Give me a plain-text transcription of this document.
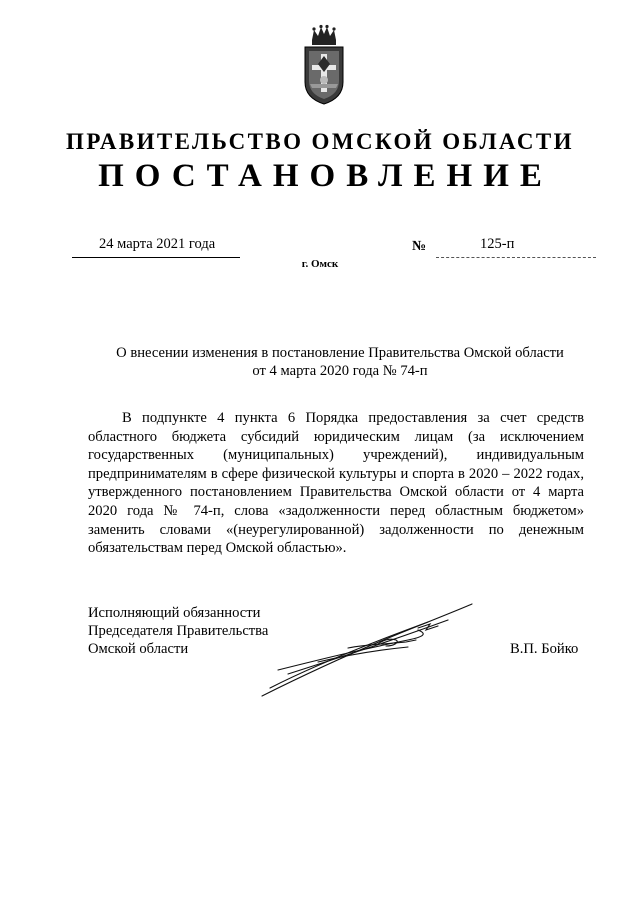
ПРАВИТЕЛЬСТВО ОМСКОЙ ОБЛАСТИ
ПОСТАНОВЛЕНИЕ
24 марта 2021 года	№	125-п
г. Омск
О внесении изменения в постановление Правительства Омской области
от 4 марта 2020 года № 74-п
В подпункте 4 пункта 6 Порядка предоставления за счет средств областного бюджета субсидий юридическим лицам (за исключением государственных (муниципальных) учреждений), индивидуальным предпринимателям в сфере физической культуры и спорта в 2020 – 2022 годах, утвержденного постановлением Правительства Омской области от 4 марта 2020 года № 74-п, слова «задолженности перед областным бюджетом» заменить словами «(неурегулированной) задолженности по денежным обязательствам перед Омской областью».
Исполняющий обязанности
Председателя Правительства
Омской области	В.П. Бойко
